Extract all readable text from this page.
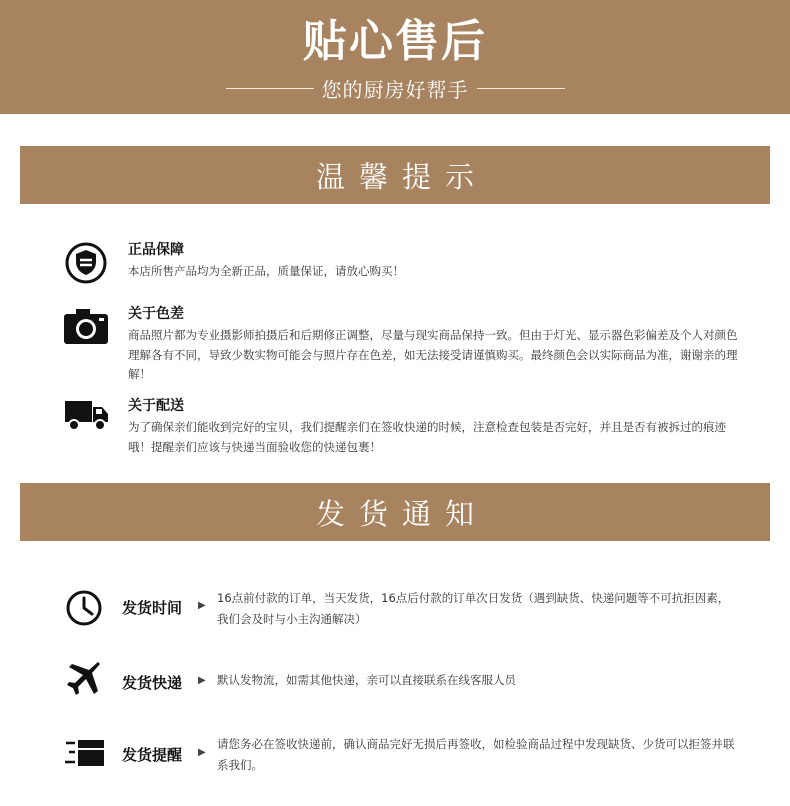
贴心售后
您的厨房好帮手
温馨提示
正品保障
本店所售产品均为全新正品，质量保证，请放心购买！
关于色差
商品照片都为专业摄影师拍摄后和后期修正调整，尽量与现实商品保持一致。但由于灯光、显示器色彩偏差及个人对颜色理解各有不同，导致少数实物可能会与照片存在色差，如无法接受请谨慎购买。最终颜色会以实际商品为准，谢谢亲的理解！
关于配送
为了确保亲们能收到完好的宝贝，我们提醒亲们在签收快递的时候，注意检查包装是否完好，并且是否有被拆过的痕迹哦！提醒亲们应该与快递当面验收您的快递包裹！
发货通知
发货时间 ▶
16点前付款的订单，当天发货，16点后付款的订单次日发货（遇到缺货、快递问题等不可抗拒因素，我们会及时与小主沟通解决）
发货快递 ▶ 默认发物流，如需其他快递，亲可以直接联系在线客服人员
发货提醒 ▶
请您务必在签收快递前，确认商品完好无损后再签收，如检验商品过程中发现缺货、少货可以拒签并联系我们。
